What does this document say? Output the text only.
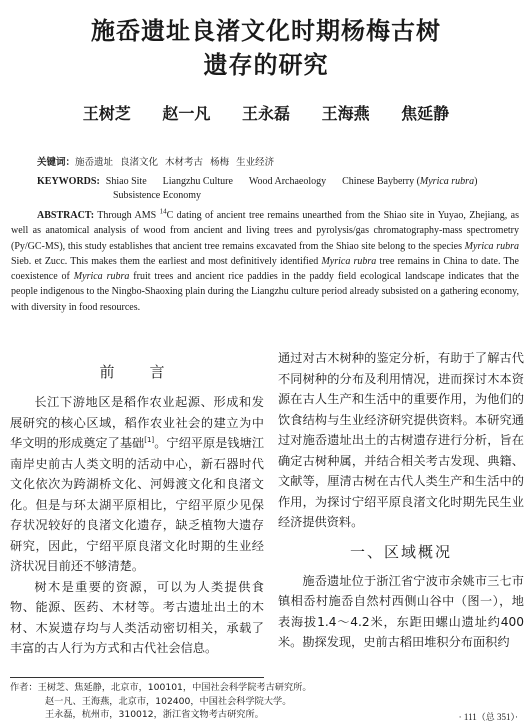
施岙遗址良渚文化时期杨梅古树
遗存的研究
王树芝 赵一凡 王永磊 王海燕 焦延静
关键词：施岙遗址 良渚文化 木材考古 杨梅 生业经济
KEYWORDS: Shiao Site Liangzhu Culture Wood Archaeology Chinese Bayberry (Myrica rubra)
Subsistence Economy
ABSTRACT: Through AMS $^{14}$C dating of ancient tree remains unearthed from the Shiao site in Yuyao, Zhejiang, as well as anatomical analysis of wood from ancient and living trees and pyrolysis/gas chromatography-mass spectrometry (Py/GC-MS), this study establishes that ancient tree remains excavated from the Shiao site belong to the species Myrica rubra Sieb. et Zucc. This makes them the earliest and most definitively identified Myrica rubra tree remains in China to date. The coexistence of Myrica rubra fruit trees and ancient rice paddies in the paddy field ecological landscape indicates that the people indigenous to the Ningbo-Shaoxing plain during the Liangzhu culture period already subsisted on a gathering economy, with diversity in food resources.
前　言

长江下游地区是稻作农业起源、形成和发展研究的核心区域，稻作农业社会的建立为中华文明的形成奠定了基础[1]。宁绍平原是钱塘江南岸史前古人类文明的活动中心，新石器时代文化依次为跨湖桥文化、河姆渡文化和良渚文化。但是与环太湖平原相比，宁绍平原少见保存状况较好的良渚文化遗存，缺乏植物大遗存研究，因此，宁绍平原良渚文化时期的生业经济状况目前还不够清楚。

树木是重要的资源，可以为人类提供食物、能源、医药、木材等。考古遗址出土的木材、木炭遗存均与人类活动密切相关，承载了丰富的古人行为方式和古代社会信息。

通过对古木树种的鉴定分析，有助于了解古代不同树种的分布及利用情况，进而探讨木本资源在古人生产和生活中的重要作用，为他们的饮食结构与生业经济研究提供资料。本研究通过对施岙遗址出土的古树遗存进行分析，旨在确定古树种属，并结合相关考古发现、典籍、文献等，厘清古树在古代人类生产和生活中的作用，为探讨宁绍平原良渚文化时期先民生业经济提供资料。

一、区域概况

施岙遗址位于浙江省宁波市余姚市三七市镇相岙村施岙自然村西侧山谷中（图一），地表海拔1.4～4.2米，东距田螺山遗址约400米。勘探发现，史前古稻田堆积分布面积约

作者：王树芝、焦延静，北京市，100101，中国社会科学院考古研究所。
赵一凡、王海燕，北京市，102400，中国社会科学院大学。
王永磊，杭州市，310012，浙江省文物考古研究所。	· 111（总 351）·
